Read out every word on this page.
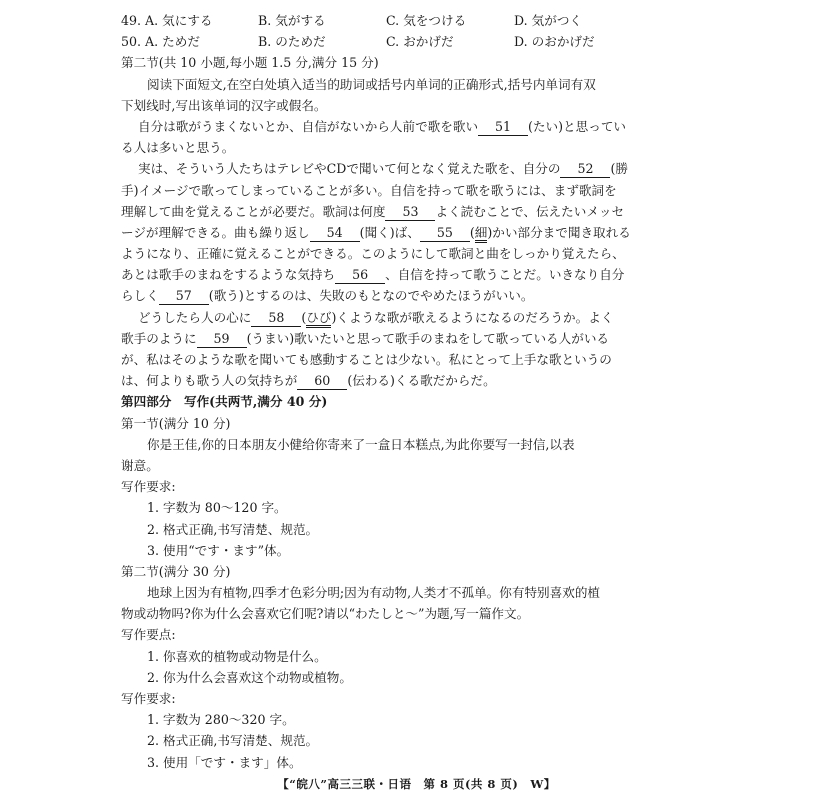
49. A. 気にする	B. 気がする	C. 気をつける	D. 気がつく
50. A. ためだ	B. のためだ	C. おかげだ	D. のおかげだ
第二节(共 10 小题,每小题 1.5 分,满分 15 分)
阅读下面短文,在空白处填入适当的助词或括号内单词的正确形式,括号内单词有双
下划线时,写出该单词的汉字或假名。
自分は歌がうまくないとか、自信がないから人前で歌を歌い 51 (たい)と思ってい
る人は多いと思う。
実は、そういう人たちはテレビやCDで聞いて何となく覚えた歌を、自分の 52 (勝
手)イメージで歌ってしまっていることが多い。自信を持って歌を歌うには、まず歌詞を
理解して曲を覚えることが必要だ。歌詞は何度 53 よく読むことで、伝えたいメッセ
ージが理解できる。曲も繰り返し 54 (聞く)ば、 55 (細)かい部分まで聞き取れる
ようになり、正確に覚えることができる。このようにして歌詞と曲をしっかり覚えたら、
あとは歌手のまねをするような気持ち 56 、自信を持って歌うことだ。いきなり自分
らしく 57 (歌う)とするのは、失敗のもとなのでやめたほうがいい。
どうしたら人の心に 58 (ひび)くような歌が歌えるようになるのだろうか。よく
歌手のように 59 (うまい)歌いたいと思って歌手のまねをして歌っている人がいる
が、私はそのような歌を聞いても感動することは少ない。私にとって上手な歌というの
は、何よりも歌う人の気持ちが 60 (伝わる)くる歌だからだ。
第四部分　写作(共两节,满分 40 分)
第一节(满分 10 分)
你是王佳,你的日本朋友小健给你寄来了一盒日本糕点,为此你要写一封信,以表
谢意。
写作要求:
1. 字数为 80～120 字。
2. 格式正确,书写清楚、规范。
3. 使用“です・ます”体。
第二节(满分 30 分)
地球上因为有植物,四季才色彩分明;因为有动物,人类才不孤单。你有特别喜欢的植
物或动物吗?你为什么会喜欢它们呢?请以“わたしと～”为题,写一篇作文。
写作要点:
1. 你喜欢的植物或动物是什么。
2. 你为什么会喜欢这个动物或植物。
写作要求:
1. 字数为 280～320 字。
2. 格式正确,书写清楚、规范。
3. 使用「です・ます」体。
【“皖八”高三三联・日语　第 8 页(共 8 页)　W】
